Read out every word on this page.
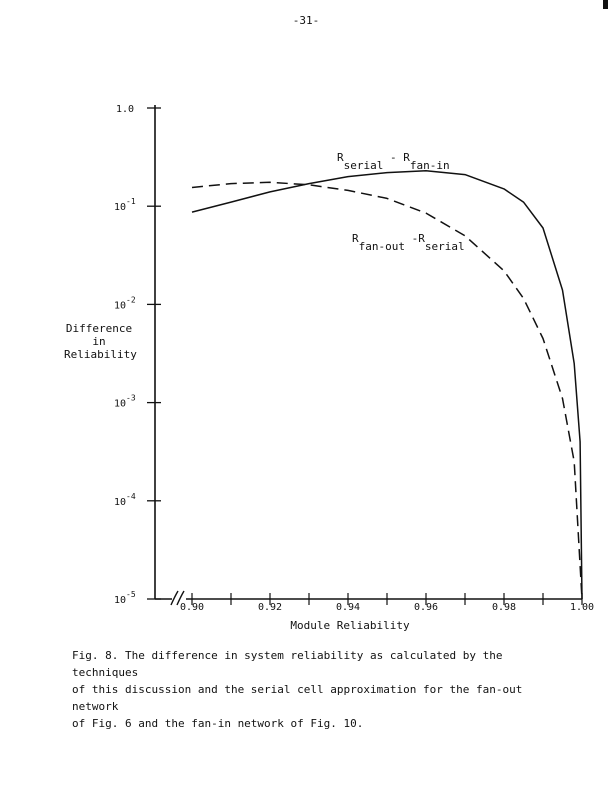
-31-
1.0
$10^{-1}$
$10^{-2}$
$10^{-3}$
$10^{-4}$
$10^{-5}$
0.90	0.92	0.94	0.96	0.98	1.00
Rserial - Rfan-in
Rfan-out -Rserial
Difference
in
Reliability
Module Reliability
Fig. 8. The difference in system reliability as calculated by the techniques
of this discussion and the serial cell approximation for the fan-out network
of Fig. 6 and the fan-in network of Fig. 10.
